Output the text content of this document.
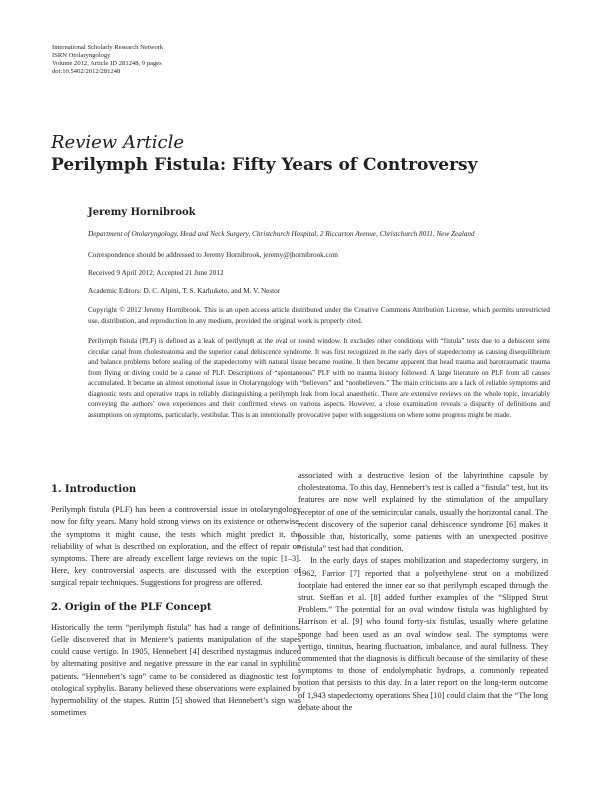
International Scholarly Research Network
ISRN Otolaryngology
Volume 2012, Article ID 281248, 9 pages
doi:10.5402/2012/281248
Review Article
Perilymph Fistula: Fifty Years of Controversy
Jeremy Hornibrook
Department of Otolaryngology, Head and Neck Surgery, Christchurch Hospital, 2 Riccarton Avenue, Christchurch 8011, New Zealand
Correspondence should be addressed to Jeremy Hornibrook, jeremy@jhornibrook.com
Received 9 April 2012; Accepted 21 June 2012
Academic Editors: D. C. Alpini, T. S. Karhuketo, and M. V. Nestor
Copyright © 2012 Jeremy Hornibrook. This is an open access article distributed under the Creative Commons Attribution License, which permits unrestricted use, distribution, and reproduction in any medium, provided the original work is properly cited.
Perilymph fistula (PLF) is defined as a leak of perilymph at the oval or round window. It excludes other conditions with “fistula” tests due to a dehiscent semi circular canal from cholesteatoma and the superior canal dehiscence syndrome. It was first recognized in the early days of stapedectomy as causing disequilibrium and balance problems before sealing of the stapedectomy with natural tissue became routine. It then became apparent that head trauma and barotraumatic trauma from flying or diving could be a cause of PLF. Descriptions of “spontaneous” PLF with no trauma history followed. A large literature on PLF from all causes accumulated. It became an almost emotional issue in Otolaryngology with “believers” and “nonbelievers.” The main criticisms are a lack of reliable symptoms and diagnostic tests and operative traps in reliably distinguishing a perilymph leak from local anaesthetic. There are extensive reviews on the whole topic, invariably conveying the authors’ own experiences and their confirmed views on various aspects. However, a close examination reveals a disparity of definitions and assumptions on symptoms, particularly, vestibular. This is an intentionally provocative paper with suggestions on where some progress might be made.
1. Introduction

Perilymph fistula (PLF) has been a controversial issue in otolaryngology now for fifty years. Many hold strong views on its existence or otherwise, the symptoms it might cause, the tests which might predict it, the reliability of what is described on exploration, and the effect of repair on symptoms. There are already excellent large reviews on the topic [1–3]. Here, key controversial aspects are discussed with the exception of surgical repair techniques. Suggestions for progress are offered.

2. Origin of the PLF Concept

Historically the term “perilymph fistula” has had a range of definitions. Gelle discovered that in Meniere’s patients manipulation of the stapes could cause vertigo. In 1905, Hennebert [4] described nystagmus induced by alternating positive and negative pressure in the ear canal in syphilitic patients. “Hennebert’s sign” came to be considered as diagnostic test for otological syphylis. Barany believed these observations were explained by hypermobility of the stapes. Ruttin [5] showed that Hennebert’s sign was sometimes

associated with a destructive lesion of the labyrinthine capsule by cholesteatoma. To this day, Hennebert’s test is called a “fistula” test, but its features are now well explained by the stimulation of the ampullary receptor of one of the semicircular canals, usually the horizontal canal. The recent discovery of the superior canal dehiscence syndrome [6] makes it possible that, historically, some patients with an unexpected positive “fistula” test had that condition.

In the early days of stapes mobilization and stapedectomy surgery, in 1962, Farrior [7] reported that a polyethylene strut on a mobilized footplate had entered the inner ear so that perilymph escaped through the strut. Steffan et al. [8] added further examples of the “Slipped Strut Problem.” The potential for an oval window fistula was highlighted by Harrison et al. [9] who found forty-six fistulas, usually where gelatine sponge had been used as an oval window seal. The symptoms were vertigo, tinnitus, hearing fluctuation, imbalance, and aural fullness. They commented that the diagnosis is difficult because of the similarity of these symptoms to those of endolymphatic hydrops, a commonly repeated notion that persists to this day. In a later report on the long-term outcome of 1,943 stapedectomy operations Shea [10] could claim that the “The long debate about the
